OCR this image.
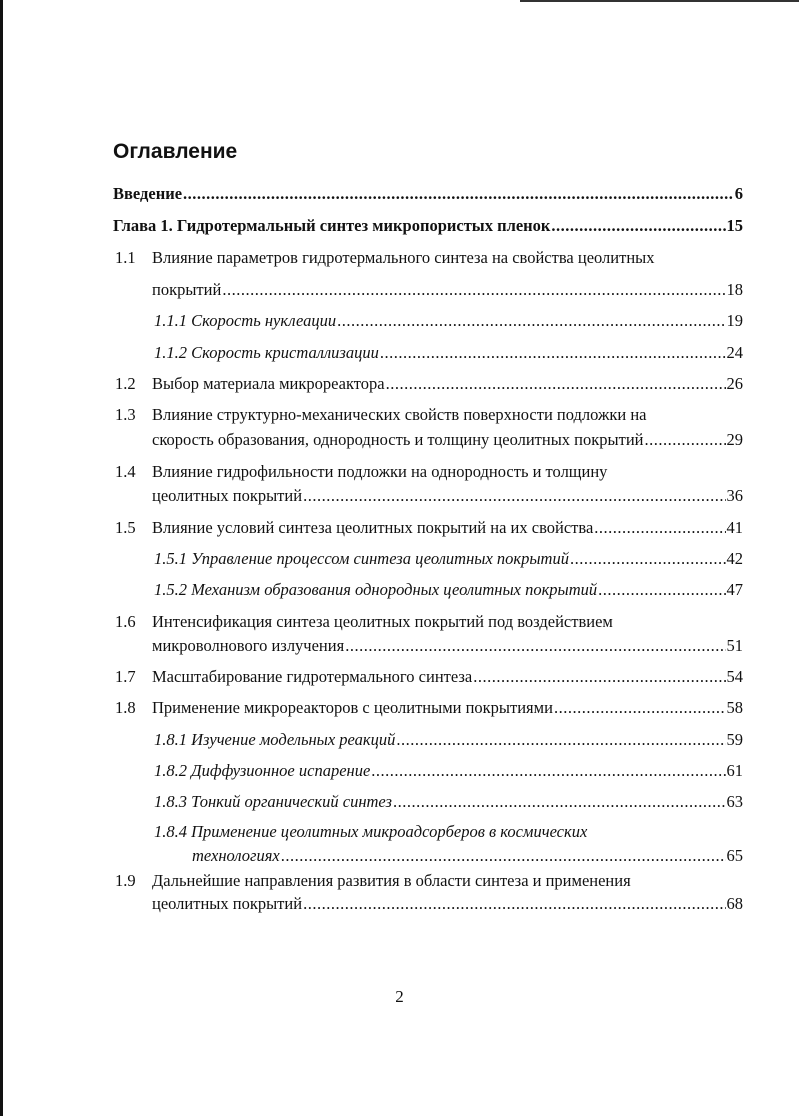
Оглавление
Введение .....	6
Глава 1. Гидротермальный синтез микропористых пленок .....	15
1.1 Влияние параметров гидротермального синтеза на свойства цеолитных
покрытий .....	18
1.1.1 Скорость нуклеации .....	19
1.1.2 Скорость кристаллизации .....	24
1.2 Выбор материала микрореактора .....	26
1.3 Влияние структурно-механических свойств поверхности подложки на
скорость образования, однородность и толщину цеолитных покрытий .....	29
1.4 Влияние гидрофильности подложки на однородность и толщину
цеолитных покрытий .....	36
1.5 Влияние условий синтеза цеолитных покрытий на их свойства .....	41
1.5.1 Управление процессом синтеза цеолитных покрытий .....	42
1.5.2 Механизм образования однородных цеолитных покрытий .....	47
1.6 Интенсификация синтеза цеолитных покрытий под воздействием
микроволнового излучения .....	51
1.7 Масштабирование гидротермального синтеза .....	54
1.8 Применение микрореакторов с цеолитными покрытиями .....	58
1.8.1 Изучение модельных реакций .....	59
1.8.2 Диффузионное испарение .....	61
1.8.3 Тонкий органический синтез .....	63
1.8.4 Применение цеолитных микроадсорберов в космических
технологиях .....	65
1.9 Дальнейшие направления развития в области синтеза и применения
цеолитных покрытий .....	68
2
